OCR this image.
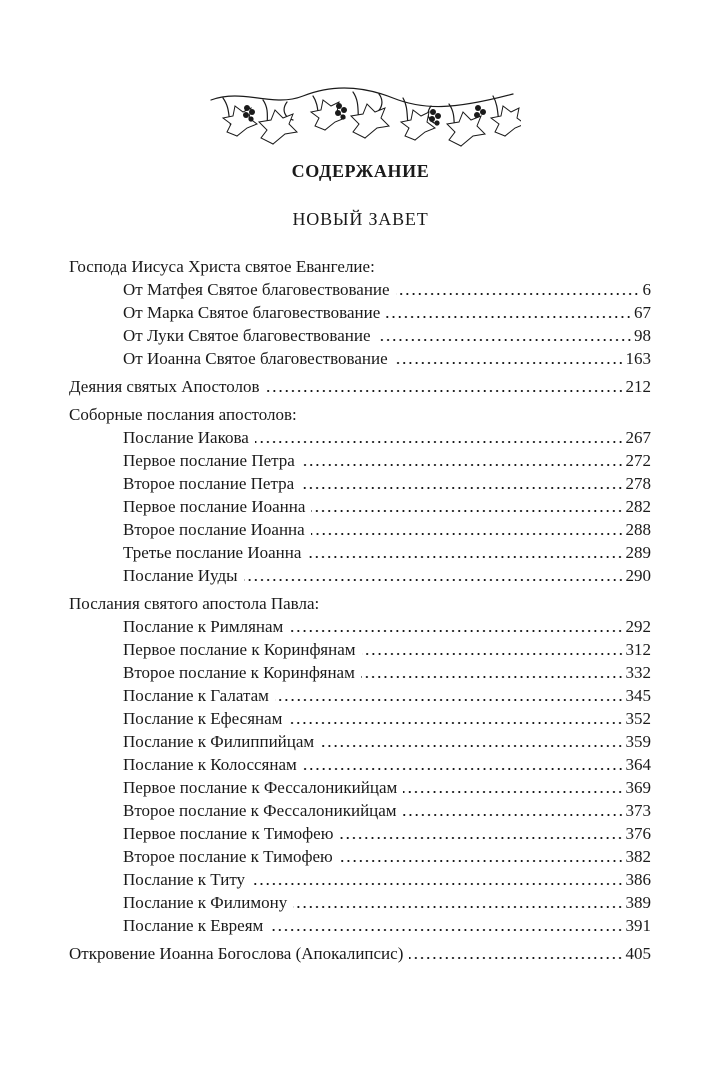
СОДЕРЖАНИЕ
НОВЫЙ ЗАВЕТ
Господа Иисуса Христа святое Евангелие:
От Матфея Святое благовествование	6
От Марка Святое благовествование	67
От Луки Святое благовествование	98
От Иоанна Святое благовествование	163
Деяния святых Апостолов	212
Соборные послания апостолов:
Послание Иакова	267
Первое послание Петра	272
Второе послание Петра	278
Первое послание Иоанна	282
Второе послание Иоанна	288
Третье послание Иоанна	289
Послание Иуды	290
Послания святого апостола Павла:
Послание к Римлянам	292
Первое послание к Коринфянам	312
Второе послание к Коринфянам	332
Послание к Галатам	345
Послание к Ефесянам	352
Послание к Филиппийцам	359
Послание к Колоссянам	364
Первое послание к Фессалоникийцам	369
Второе послание к Фессалоникийцам	373
Первое послание к Тимофею	376
Второе послание к Тимофею	382
Послание к Титу	386
Послание к Филимону	389
Послание к Евреям	391
Откровение Иоанна Богослова (Апокалипсис)	405
